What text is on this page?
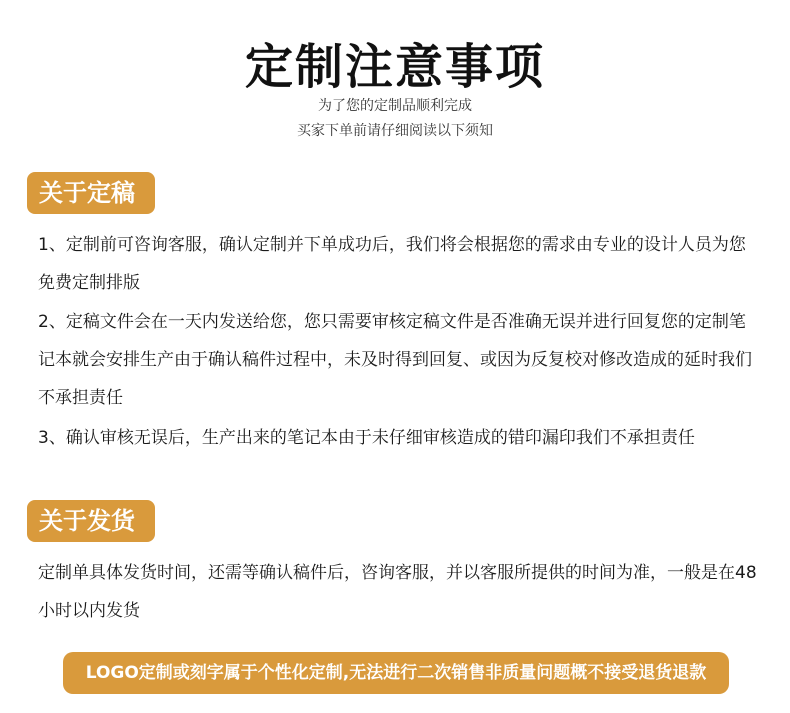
定制注意事项
为了您的定制品顺利完成
买家下单前请仔细阅读以下须知
关于定稿

1、定制前可咨询客服，确认定制并下单成功后，我们将会根据您的需求由专业的设计人员为您免费定制排版

2、定稿文件会在一天内发送给您，您只需要审核定稿文件是否准确无误并进行回复您的定制笔记本就会安排生产由于确认稿件过程中，未及时得到回复、或因为反复校对修改造成的延时我们不承担责任

3、确认审核无误后，生产出来的笔记本由于未仔细审核造成的错印漏印我们不承担责任

关于发货

定制单具体发货时间，还需等确认稿件后，咨询客服，并以客服所提供的时间为准，一般是在48小时以内发货

LOGO定制或刻字属于个性化定制,无法进行二次销售非质量问题概不接受退货退款
